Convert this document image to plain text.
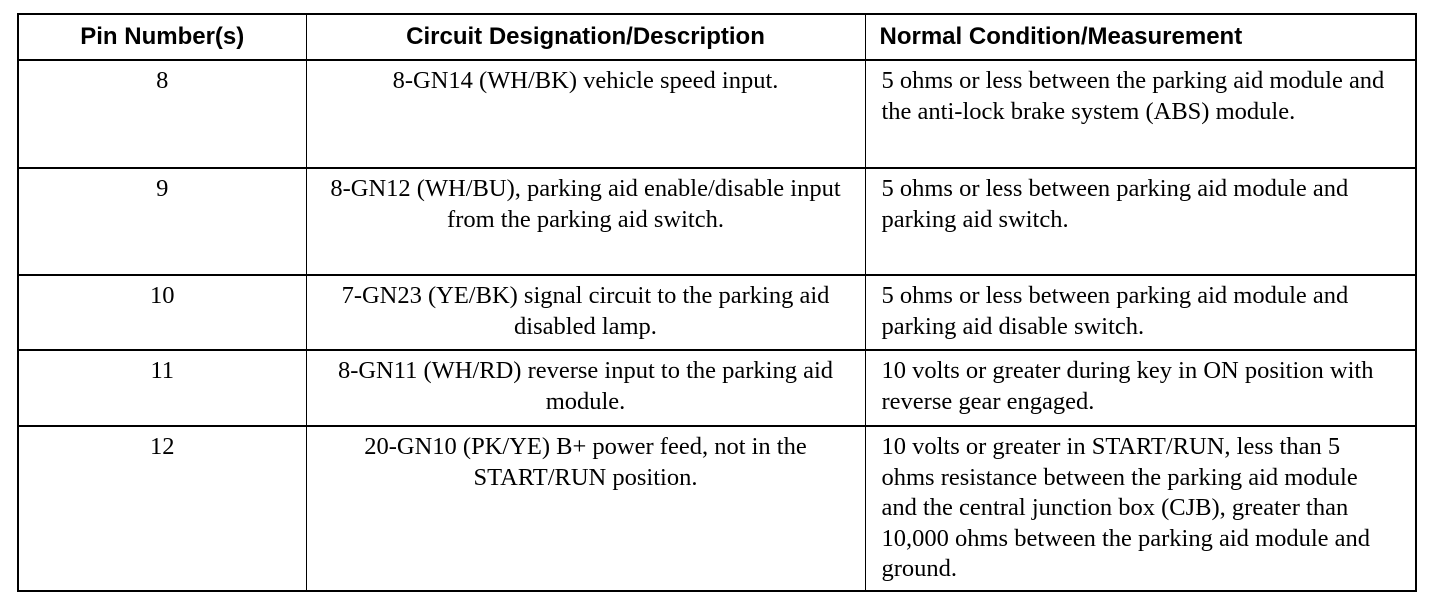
Pin Number(s)	Circuit Designation/Description	Normal Condition/Measurement
8	8-GN14 (WH/BK) vehicle speed input.	5 ohms or less between the parking aid module and the anti-lock brake system (ABS) module.
9	8-GN12 (WH/BU), parking aid enable/disable input from the parking aid switch.	5 ohms or less between parking aid module and parking aid switch.
10	7-GN23 (YE/BK) signal circuit to the parking aid disabled lamp.	5 ohms or less between parking aid module and parking aid disable switch.
11	8-GN11 (WH/RD) reverse input to the parking aid module.	10 volts or greater during key in ON position with reverse gear engaged.
12	20-GN10 (PK/YE) B+ power feed, not in the START/RUN position.	10 volts or greater in START/RUN, less than 5 ohms resistance between the parking aid module and the central junction box (CJB), greater than 10,000 ohms between the parking aid module and ground.
